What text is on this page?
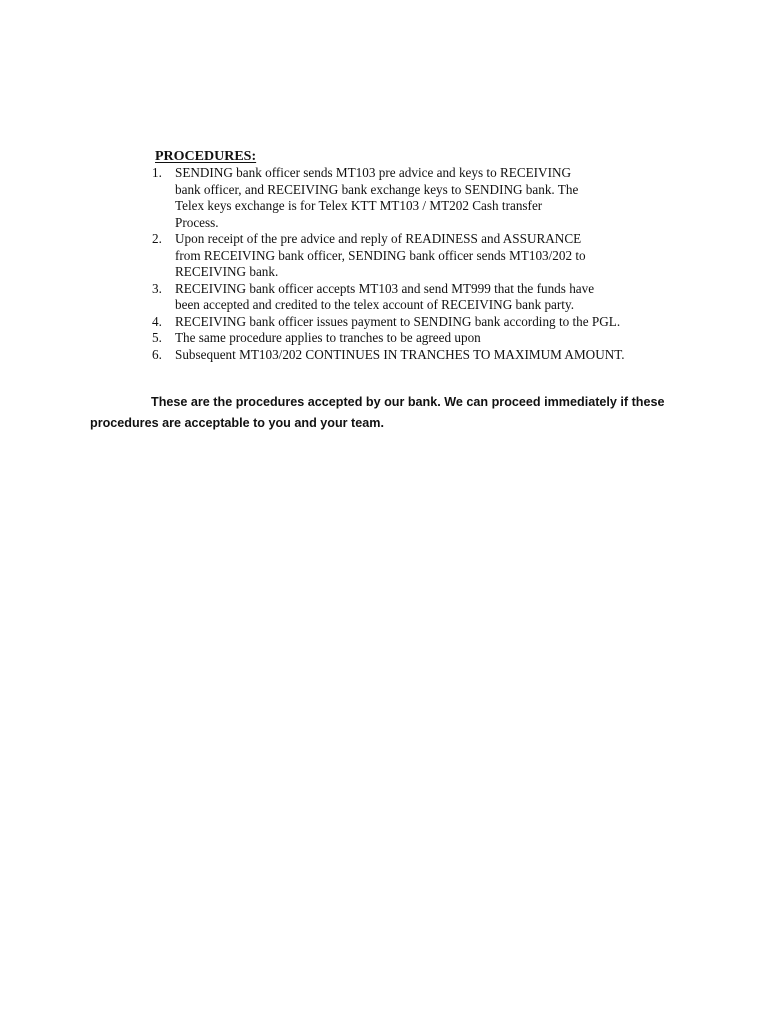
PROCEDURES:
1. SENDING bank officer sends MT103 pre advice and keys to RECEIVING
bank officer, and RECEIVING bank exchange keys to SENDING bank. The
Telex keys exchange is for Telex KTT MT103 / MT202 Cash transfer
Process.
2. Upon receipt of the pre advice and reply of READINESS and ASSURANCE
from RECEIVING bank officer, SENDING bank officer sends MT103/202 to
RECEIVING bank.
3. RECEIVING bank officer accepts MT103 and send MT999 that the funds have
been accepted and credited to the telex account of RECEIVING bank party.
4. RECEIVING bank officer issues payment to SENDING bank according to the PGL.
5. The same procedure applies to tranches to be agreed upon
6. Subsequent MT103/202 CONTINUES IN TRANCHES TO MAXIMUM AMOUNT.

These are the procedures accepted by our bank. We can proceed immediately if these procedures are acceptable to you and your team.
